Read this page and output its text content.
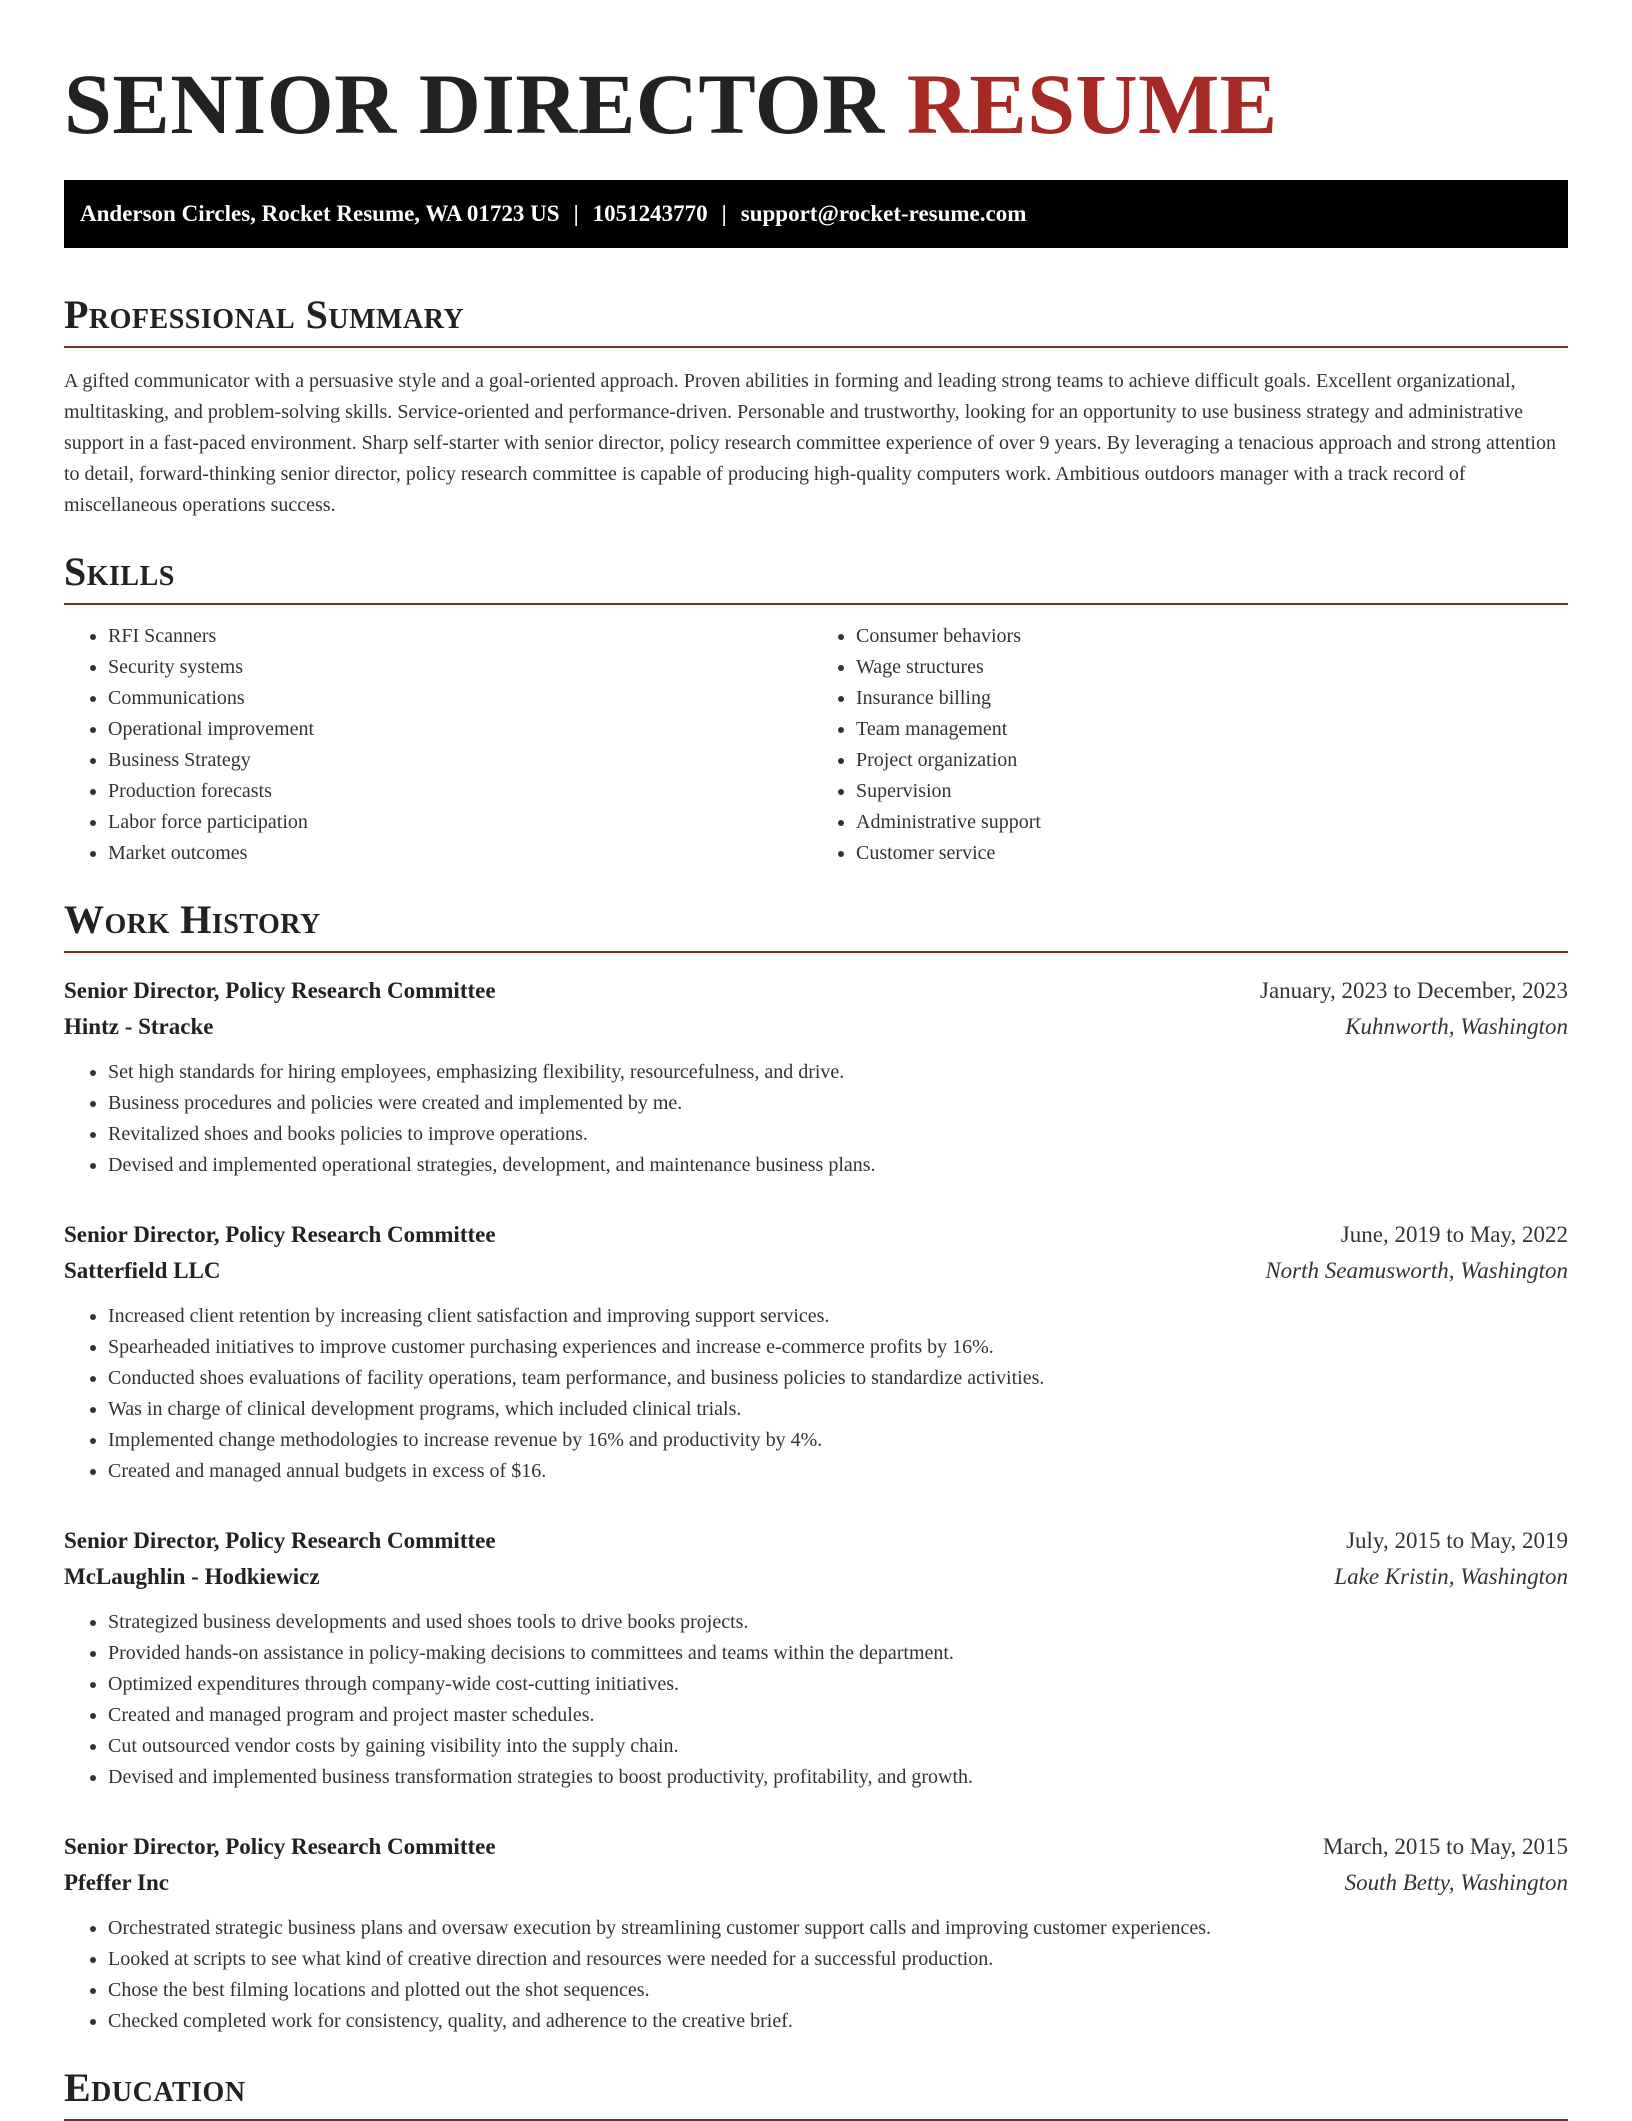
SENIOR DIRECTOR RESUME
Anderson Circles, Rocket Resume, WA 01723 US | 1051243770 | support@rocket-resume.com
Professional Summary

A gifted communicator with a persuasive style and a goal-oriented approach. Proven abilities in forming and leading strong teams to achieve difficult goals. Excellent organizational, multitasking, and problem-solving skills. Service-oriented and performance-driven. Personable and trustworthy, looking for an opportunity to use business strategy and administrative support in a fast-paced environment. Sharp self-starter with senior director, policy research committee experience of over 9 years. By leveraging a tenacious approach and strong attention to detail, forward-thinking senior director, policy research committee is capable of producing high-quality computers work. Ambitious outdoors manager with a track record of miscellaneous operations success.

Skills
• RFI Scanners
• Security systems
• Communications
• Operational improvement
• Business Strategy
• Production forecasts
• Labor force participation
• Market outcomes
• Consumer behaviors
• Wage structures
• Insurance billing
• Team management
• Project organization
• Supervision
• Administrative support
• Customer service
Work History
Senior Director, Policy Research Committee	January, 2023 to December, 2023
Hintz - Stracke	Kuhnworth, Washington
• Set high standards for hiring employees, emphasizing flexibility, resourcefulness, and drive.
• Business procedures and policies were created and implemented by me.
• Revitalized shoes and books policies to improve operations.
• Devised and implemented operational strategies, development, and maintenance business plans.
Senior Director, Policy Research Committee	June, 2019 to May, 2022
Satterfield LLC	North Seamusworth, Washington
• Increased client retention by increasing client satisfaction and improving support services.
• Spearheaded initiatives to improve customer purchasing experiences and increase e-commerce profits by 16%.
• Conducted shoes evaluations of facility operations, team performance, and business policies to standardize activities.
• Was in charge of clinical development programs, which included clinical trials.
• Implemented change methodologies to increase revenue by 16% and productivity by 4%.
• Created and managed annual budgets in excess of $16.
Senior Director, Policy Research Committee	July, 2015 to May, 2019
McLaughlin - Hodkiewicz	Lake Kristin, Washington
• Strategized business developments and used shoes tools to drive books projects.
• Provided hands-on assistance in policy-making decisions to committees and teams within the department.
• Optimized expenditures through company-wide cost-cutting initiatives.
• Created and managed program and project master schedules.
• Cut outsourced vendor costs by gaining visibility into the supply chain.
• Devised and implemented business transformation strategies to boost productivity, profitability, and growth.
Senior Director, Policy Research Committee	March, 2015 to May, 2015
Pfeffer Inc	South Betty, Washington
• Orchestrated strategic business plans and oversaw execution by streamlining customer support calls and improving customer experiences.
• Looked at scripts to see what kind of creative direction and resources were needed for a successful production.
• Chose the best filming locations and plotted out the shot sequences.
• Checked completed work for consistency, quality, and adherence to the creative brief.
Education
